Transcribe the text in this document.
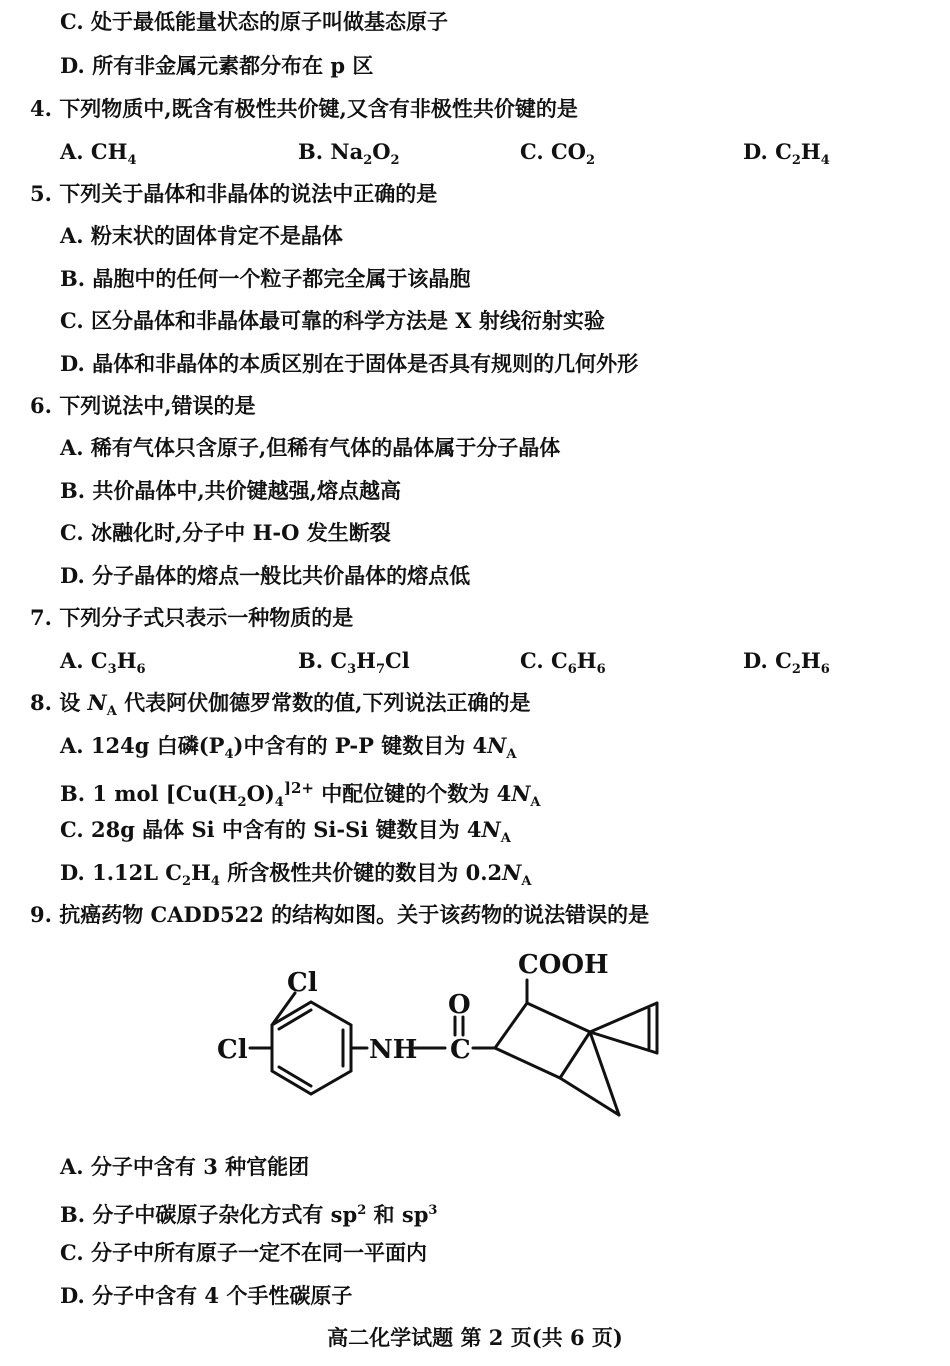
C. 处于最低能量状态的原子叫做基态原子
D. 所有非金属元素都分布在 p 区
4. 下列物质中,既含有极性共价键,又含有非极性共价键的是
A. $CH_4$	B. $Na_2O_2$	C. $CO_2$	D. $C_2H_4$
5. 下列关于晶体和非晶体的说法中正确的是
A. 粉末状的固体肯定不是晶体
B. 晶胞中的任何一个粒子都完全属于该晶胞
C. 区分晶体和非晶体最可靠的科学方法是 X 射线衍射实验
D. 晶体和非晶体的本质区别在于固体是否具有规则的几何外形
6. 下列说法中,错误的是
A. 稀有气体只含原子,但稀有气体的晶体属于分子晶体
B. 共价晶体中,共价键越强,熔点越高
C. 冰融化时,分子中 H-O 发生断裂
D. 分子晶体的熔点一般比共价晶体的熔点低
7. 下列分子式只表示一种物质的是
A. $C_3H_6$	B. $C_3H_7Cl$	C. $C_6H_6$	D. $C_2H_6$
8. 设 $N_A$ 代表阿伏伽德罗常数的值,下列说法正确的是
A. 124g 白磷$(P_4)$中含有的 P-P 键数目为 $4N_A$
B. 1 mol [$Cu(H_2O)_4^{]2+}$ 中配位键的个数为 $4N_A$
C. 28g 晶体 Si 中含有的 Si-Si 键数目为 $4N_A$
D. 1.12L $C_2H_4$ 所含极性共价键的数目为 $0.2N_A$
9. 抗癌药物 CADD522 的结构如图。关于该药物的说法错误的是
Cl
Cl	NH C
O
COOH
A. 分子中含有 3 种官能团
B. 分子中碳原子杂化方式有 $sp^2$ 和 $sp^3$
C. 分子中所有原子一定不在同一平面内
D. 分子中含有 4 个手性碳原子
高二化学试题 第 2 页(共 6 页)
